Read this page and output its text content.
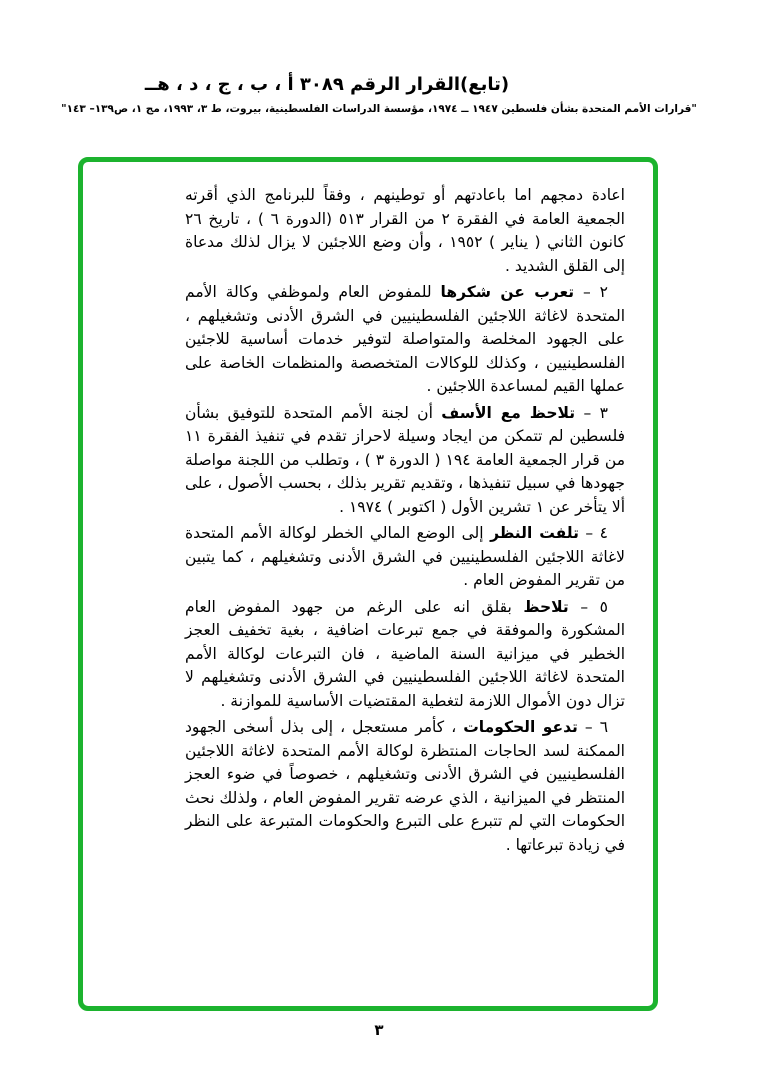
(تابع)القرار الرقم ٣٠٨٩ أ ، ب ، ج ، د ، هــ
"قرارات الأمم المتحدة بشأن فلسطين ١٩٤٧ ــ ١٩٧٤، مؤسسة الدراسات الفلسطينية، بيروت، ط ٣، ١٩٩٣، مج ١، ص١٣٩– ١٤٣"

اعادة دمجهم اما باعادتهم أو توطينهم ، وفقاً للبرنامج الذي أقرته الجمعية العامة في الفقرة ٢ من القرار ٥١٣ (الدورة ٦ ) ، تاريخ ٢٦ كانون الثاني ( يناير ) ١٩٥٢ ، وأن وضع اللاجئين لا يزال لذلك مدعاة إلى القلق الشديد .

٢ – تعرب عن شكرها للمفوض العام ولموظفي وكالة الأمم المتحدة لاغاثة اللاجئين الفلسطينيين في الشرق الأدنى وتشغيلهم ، على الجهود المخلصة والمتواصلة لتوفير خدمات أساسية للاجئين الفلسطينيين ، وكذلك للوكالات المتخصصة والمنظمات الخاصة على عملها القيم لمساعدة اللاجئين .

٣ – تلاحظ مع الأسف أن لجنة الأمم المتحدة للتوفيق بشأن فلسطين لم تتمكن من ايجاد وسيلة لاحراز تقدم في تنفيذ الفقرة ١١ من قرار الجمعية العامة ١٩٤ ( الدورة ٣ ) ، وتطلب من اللجنة مواصلة جهودها في سبيل تنفيذها ، وتقديم تقرير بذلك ، بحسب الأصول ، على ألا يتأخر عن ١ تشرين الأول ( اكتوبر ) ١٩٧٤ .

٤ – تلفت النظر إلى الوضع المالي الخطر لوكالة الأمم المتحدة لاغاثة اللاجئين الفلسطينيين في الشرق الأدنى وتشغيلهم ، كما يتبين من تقرير المفوض العام .

٥ – تلاحظ بقلق انه على الرغم من جهود المفوض العام المشكورة والموفقة في جمع تبرعات اضافية ، بغية تخفيف العجز الخطير في ميزانية السنة الماضية ، فان التبرعات لوكالة الأمم المتحدة لاغاثة اللاجئين الفلسطينيين في الشرق الأدنى وتشغيلهم لا تزال دون الأموال اللازمة لتغطية المقتضيات الأساسية للموازنة .

٦ – تدعو الحكومات ، كأمر مستعجل ، إلى بذل أسخى الجهود الممكنة لسد الحاجات المنتظرة لوكالة الأمم المتحدة لاغاثة اللاجئين الفلسطينيين في الشرق الأدنى وتشغيلهم ، خصوصاً في ضوء العجز المنتظر في الميزانية ، الذي عرضه تقرير المفوض العام ، ولذلك نحث الحكومات التي لم تتبرع على التبرع والحكومات المتبرعة على النظر في زيادة تبرعاتها .

٣
